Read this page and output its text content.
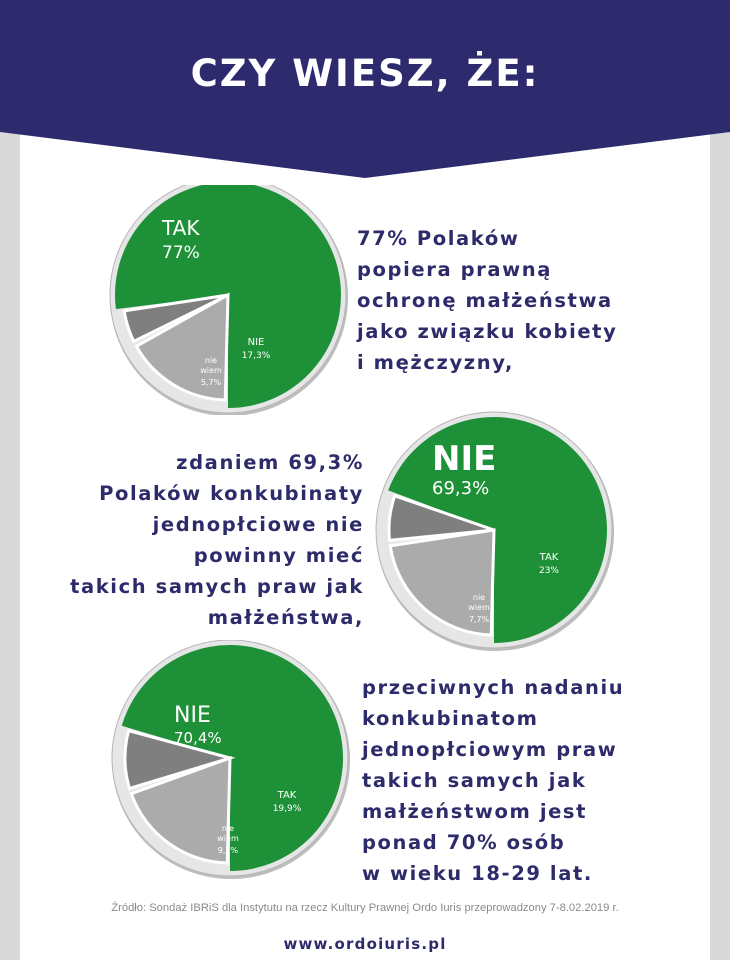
CZY WIESZ, ŻE:
TAK
77%
NIE
17,3%
nie wiem
5,7%
77% Polaków
popiera prawną
ochronę małżeństwa
jako związku kobiety
i mężczyzny,
NIE
69,3%
TAK
23%
nie wiem
7,7%
zdaniem 69,3%
Polaków konkubinaty
jednopłciowe nie
powinny mieć
takich samych praw jak
małżeństwa,
NIE
70,4%
TAK
19,9%
nie wiem
9,7%
przeciwnych nadaniu
konkubinatom
jednopłciowym praw
takich samych jak
małżeństwom jest
ponad 70% osób
w wieku 18-29 lat.
Źródło: Sondaż IBRiS dla Instytutu na rzecz Kultury Prawnej Ordo Iuris przeprowadzony 7-8.02.2019 r.
www.ordoiuris.pl
